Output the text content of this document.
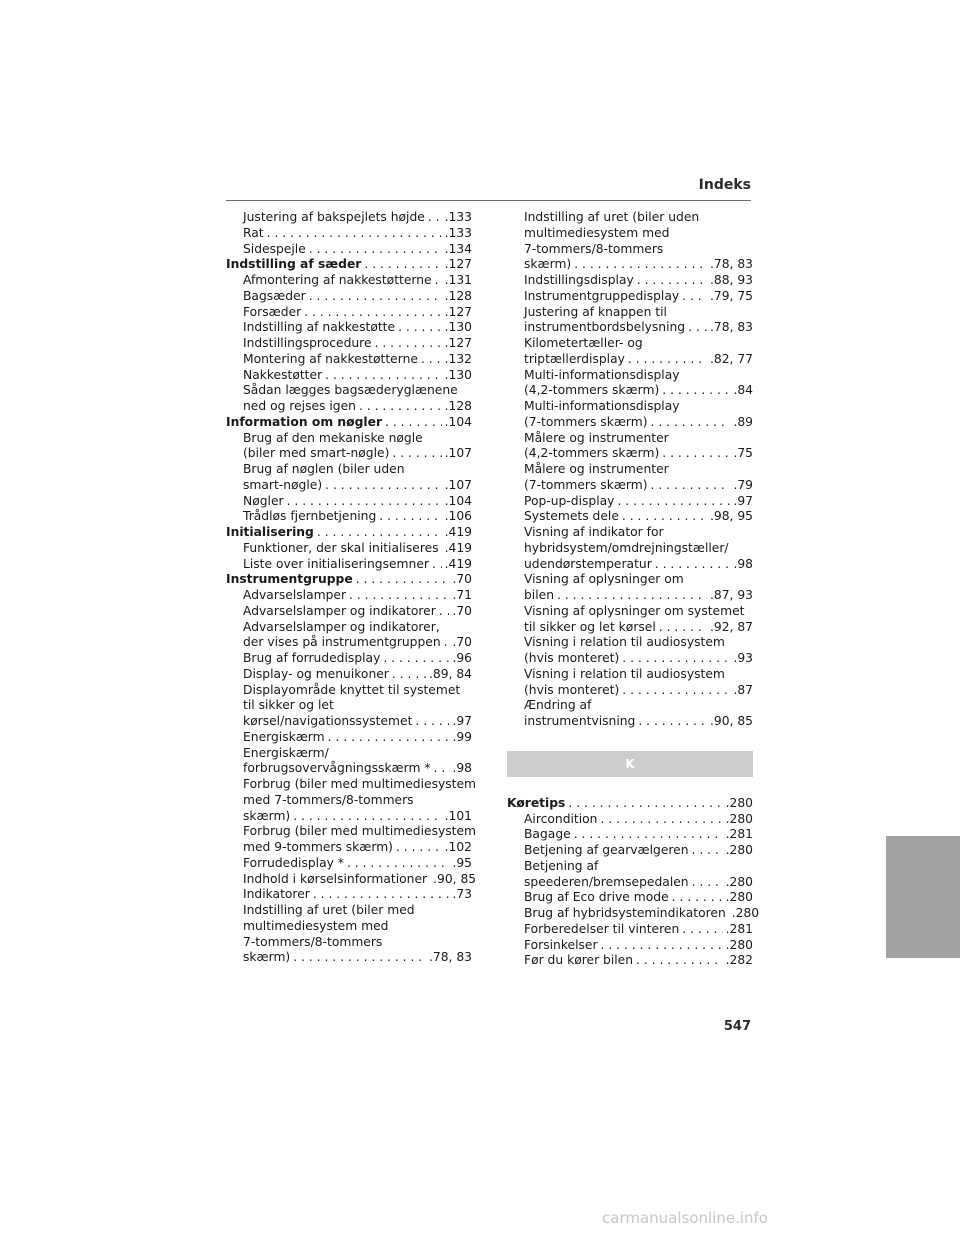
Indeks
Justering af bakspejlets højde . . . .133
Rat . . .	.133
Sidespejle . . .	.134
Indstilling af sæder . . .	.127
Afmontering af nakkestøtterne . . . .131
Bagsæder . . .	.128
Forsæder . . .	.127
Indstilling af nakkestøtte . . .	.130
Indstillingsprocedure . . .	.127
Montering af nakkestøtterne . . . .132
Nakkestøtter . . .	.130
Sådan lægges bagsæderyglænene
ned og rejses igen . . .	.128
Information om nøgler . . .	.104
Brug af den mekaniske nøgle
(biler med smart-nøgle) . . .	.107
Brug af nøglen (biler uden
smart-nøgle) . . .	.107
Nøgler . . .	.104
Trådløs fjernbetjening . . .	.106
Initialisering . . .	.419
Funktioner, der skal initialiseres . . . .419
Liste over initialiseringsemner . . . .419
Instrumentgruppe . . .	.70
Advarselslamper . . .	.71
Advarselslamper og indikatorer . . . .70
Advarselslamper og indikatorer,
der vises på instrumentgruppen . . . .70
Brug af forrudedisplay . . .	.96
Display- og menuikoner . . .	.89, 84
Displayområde knyttet til systemet
til sikker og let
kørsel/navigationssystemet . . .	.97
Energiskærm . . .	.99
Energiskærm/
forbrugsovervågningsskærm * . . . .98
Forbrug (biler med multimediesystem
med 7-tommers/8-tommers
skærm) . . .	.101
Forbrug (biler med multimediesystem
med 9-tommers skærm) . . .	.102
Forrudedisplay * . . .	.95
Indhold i kørselsinformationer .90, 85
Indikatorer . . .	.73
Indstilling af uret (biler med
multimediesystem med
7-tommers/8-tommers
skærm) . . .	.78, 83
Indstilling af uret (biler uden
multimediesystem med
7-tommers/8-tommers
skærm) . . .	.78, 83
Indstillingsdisplay . . .	.88, 93
Instrumentgruppedisplay . . .	.79, 75
Justering af knappen til
instrumentbordsbelysning . . . .78, 83
Kilometertæller- og
triptællerdisplay . . .	.82, 77
Multi-informationsdisplay
(4,2-tommers skærm) . . .	.84
Multi-informationsdisplay
(7-tommers skærm) . . .	.89
Målere og instrumenter
(4,2-tommers skærm) . . .	.75
Målere og instrumenter
(7-tommers skærm) . . .	.79
Pop-up-display . . .	.97
Systemets dele . . .	.98, 95
Visning af indikator for
hybridsystem/omdrejningstæller/
udendørstemperatur . . .	.98
Visning af oplysninger om
bilen . . .	.87, 93
Visning af oplysninger om systemet
til sikker og let kørsel . . .	.92, 87
Visning i relation til audiosystem
(hvis monteret) . . .	.93
Visning i relation til audiosystem
(hvis monteret) . . .	.87
Ændring af
instrumentvisning . . .	.90, 85
K
Køretips . . .	.280
Aircondition . . .	.280
Bagage . . .	.281
Betjening af gearvælgeren . . .	.280
Betjening af
speederen/bremsepedalen . . .	.280
Brug af Eco drive mode . . .	.280
Brug af hybridsystemindikatoren .280
Forberedelser til vinteren . . .	.281
Forsinkelser . . .	.280
Før du kører bilen . . .	.282
547
carmanualsonline.info
